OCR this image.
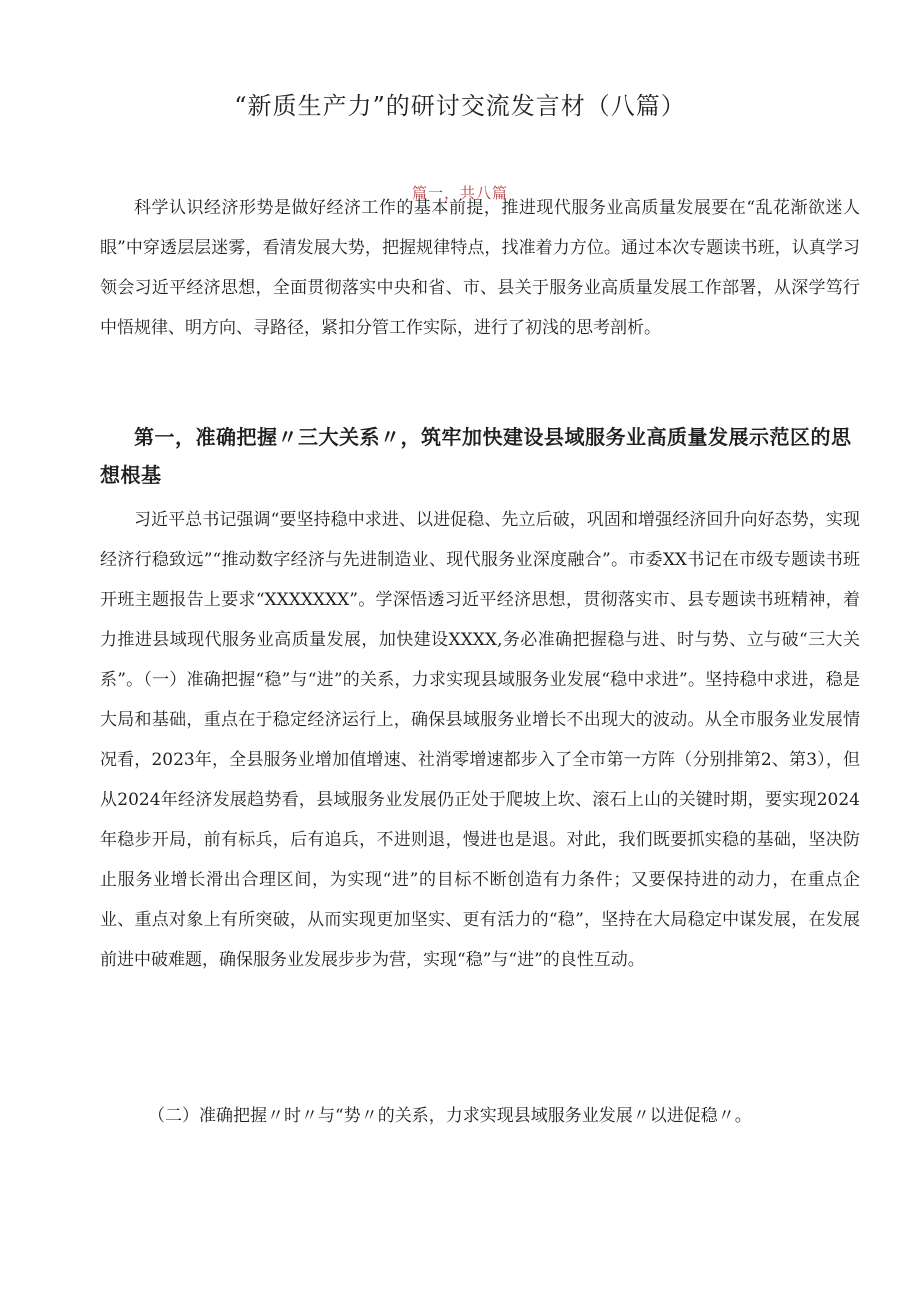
“新质生产力”的研讨交流发言材（八篇）
篇一，共八篇

科学认识经济形势是做好经济工作的基本前提，推进现代服务业高质量发展要在“乱花渐欲迷人眼”中穿透层层迷雾，看清发展大势，把握规律特点，找准着力方位。通过本次专题读书班，认真学习领会习近平经济思想，全面贯彻落实中央和省、市、县关于服务业高质量发展工作部署，从深学笃行中悟规律、明方向、寻路径，紧扣分管工作实际，进行了初浅的思考剖析。

第一，准确把握〃三大关系〃，筑牢加快建设县域服务业高质量发展示范区的思想根基

习近平总书记强调“要坚持稳中求进、以进促稳、先立后破，巩固和增强经济回升向好态势，实现经济行稳致远”“推动数字经济与先进制造业、现代服务业深度融合”。市委XX书记在市级专题读书班开班主题报告上要求“XXXXXXX”。学深悟透习近平经济思想，贯彻落实市、县专题读书班精神，着力推进县域现代服务业高质量发展，加快建设XXXX,务必准确把握稳与进、时与势、立与破“三大关系”。（一）准确把握“稳”与“进”的关系，力求实现县域服务业发展“稳中求进”。坚持稳中求进，稳是大局和基础，重点在于稳定经济运行上，确保县域服务业增长不出现大的波动。从全市服务业发展情况看，2023年，全县服务业增加值增速、社消零增速都步入了全市第一方阵（分别排第2、第3），但从2024年经济发展趋势看，县域服务业发展仍正处于爬坡上坎、滚石上山的关键时期，要实现2024年稳步开局，前有标兵，后有追兵，不进则退，慢进也是退。对此，我们既要抓实稳的基础，坚决防止服务业增长滑出合理区间，为实现“进”的目标不断创造有力条件；又要保持进的动力，在重点企业、重点对象上有所突破，从而实现更加坚实、更有活力的“稳”，坚持在大局稳定中谋发展，在发展前进中破难题，确保服务业发展步步为营，实现“稳”与“进”的良性互动。

（二）准确把握〃时〃与“势〃的关系，力求实现县域服务业发展〃以进促稳〃。
